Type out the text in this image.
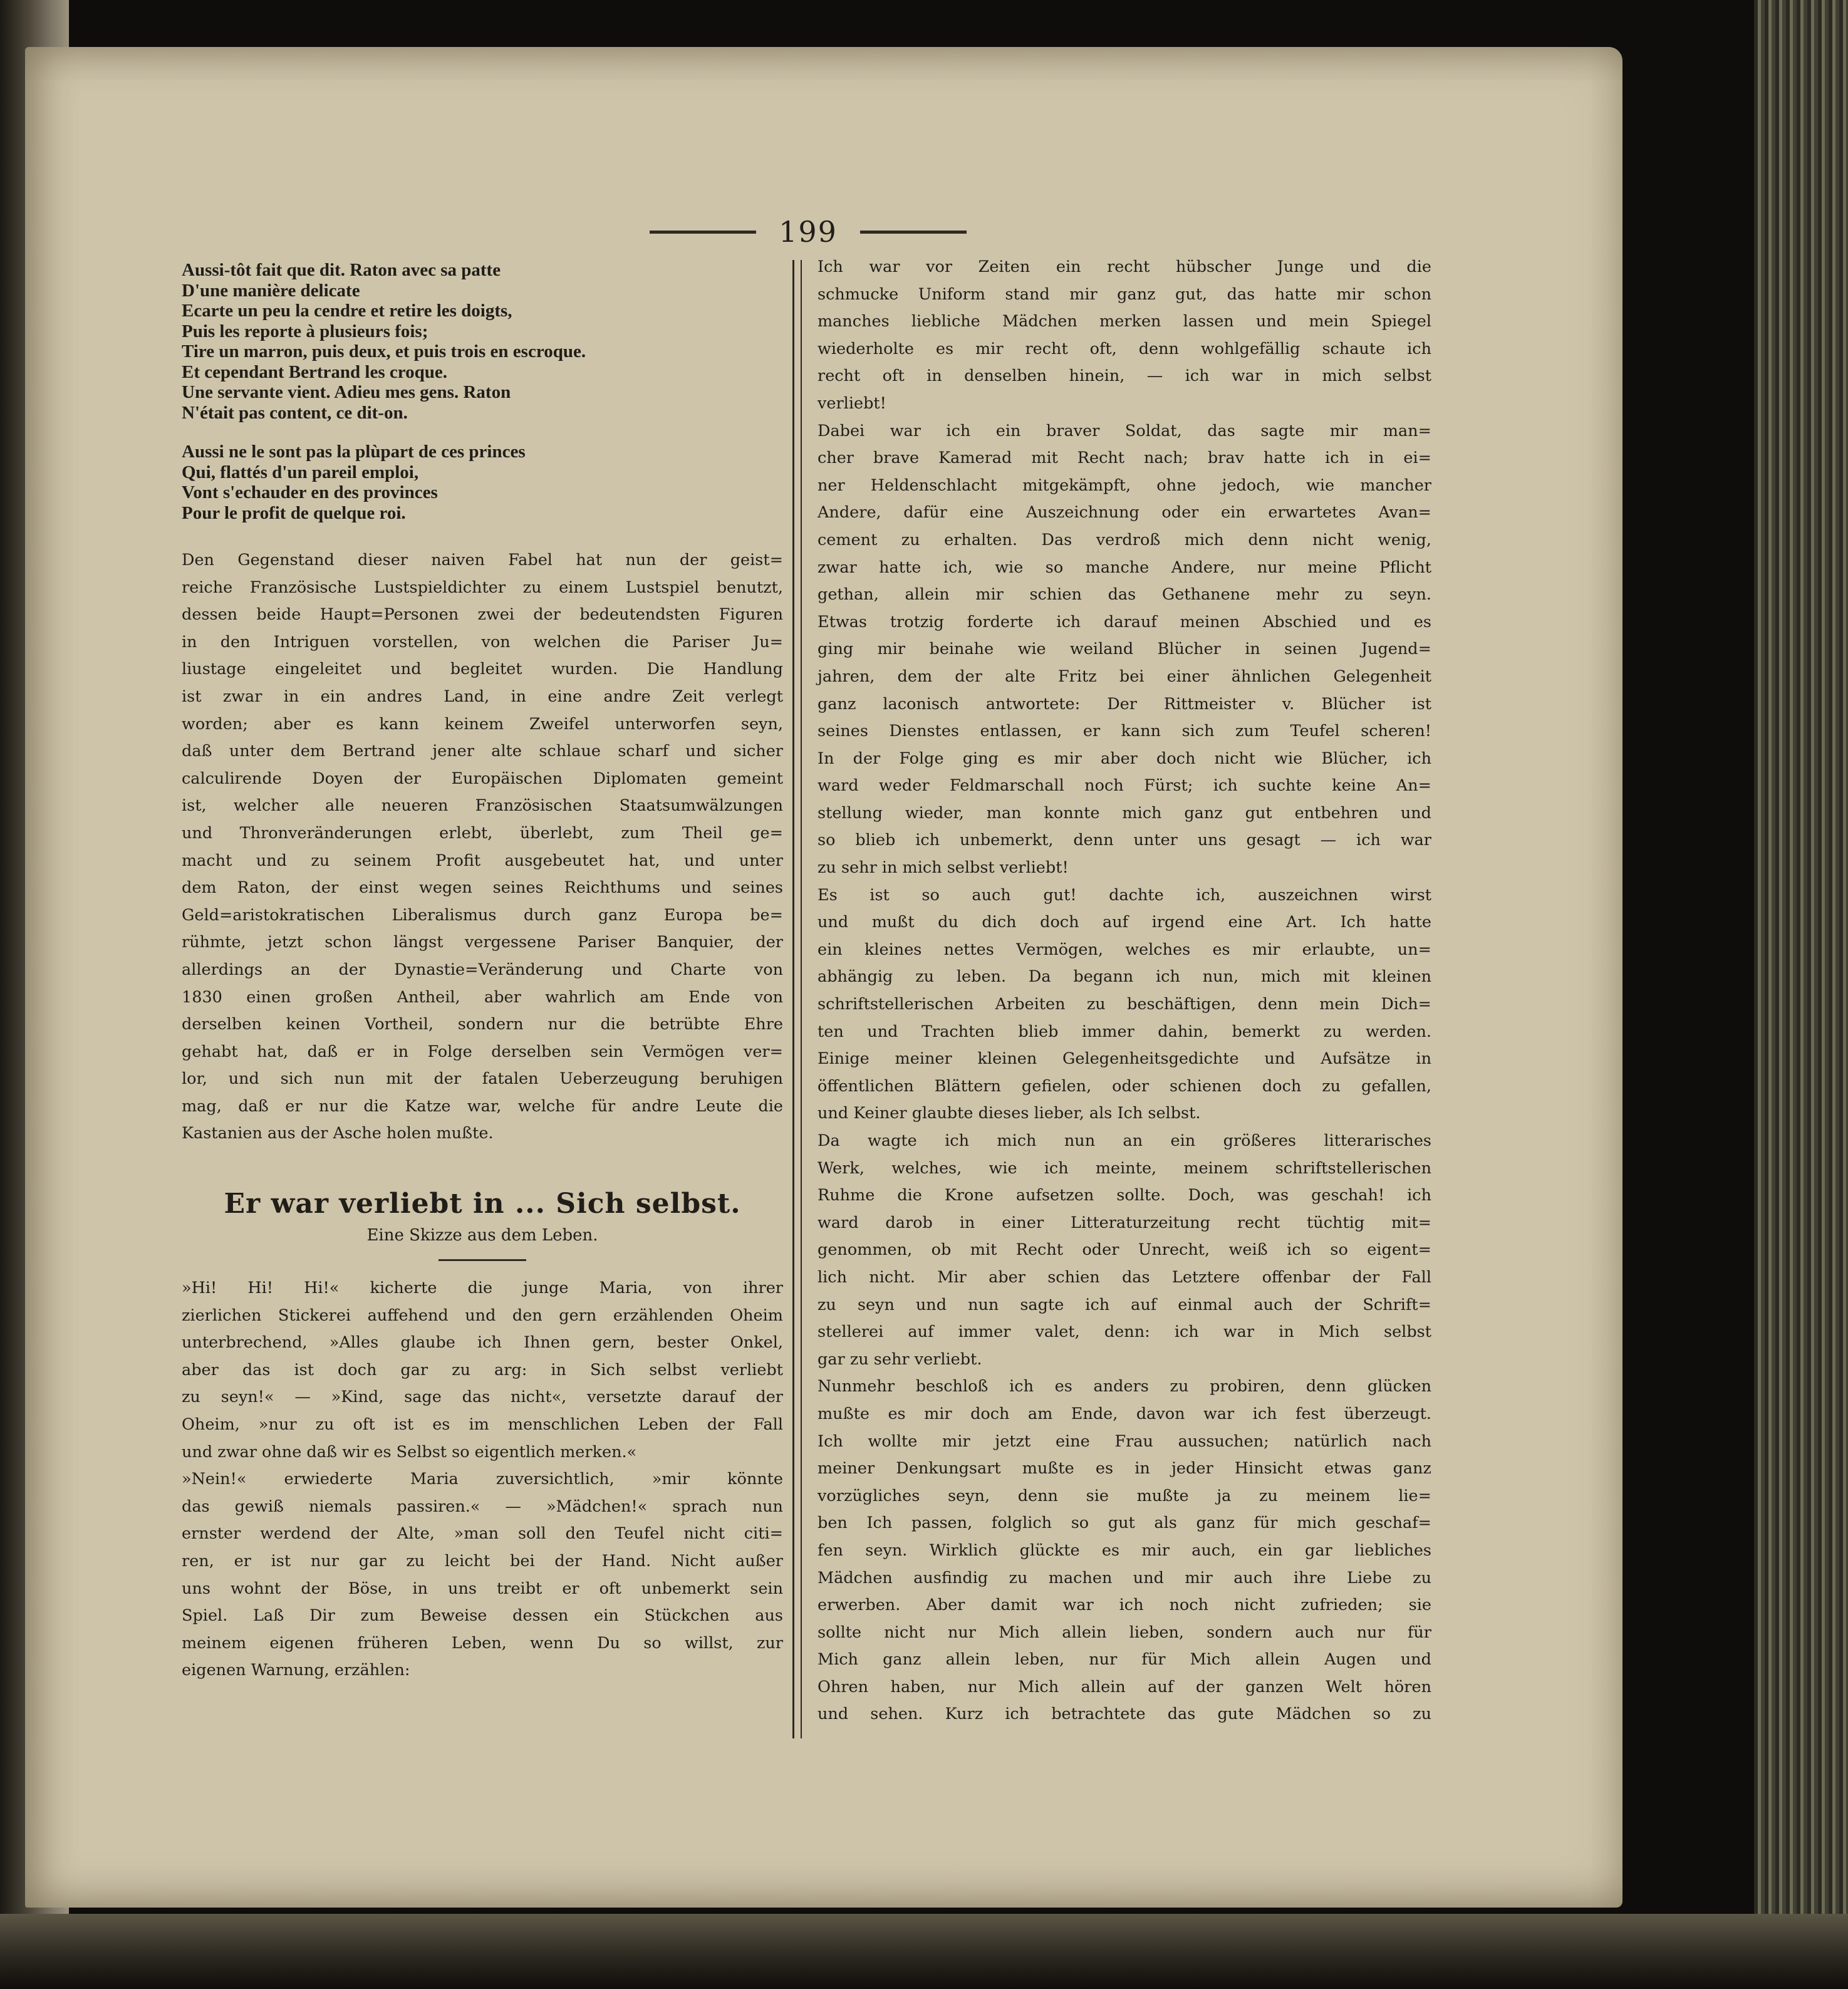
199
Aussi-tôt fait que dit. Raton avec sa patte
D'une manière delicate
Ecarte un peu la cendre et retire les doigts,
Puis les reporte à plusieurs fois;
Tire un marron, puis deux, et puis trois en escroque.
Et cependant Bertrand les croque.
Une servante vient. Adieu mes gens. Raton
N'était pas content, ce dit-on.
Aussi ne le sont pas la plùpart de ces princes
Qui, flattés d'un pareil emploi,
Vont s'echauder en des provinces
Pour le profit de quelque roi.
Den Gegenstand dieser naiven Fabel hat nun der geist=
reiche Französische Lustspieldichter zu einem Lustspiel benutzt,
dessen beide Haupt=Personen zwei der bedeutendsten Figuren
in den Intriguen vorstellen, von welchen die Pariser Ju=
liustage eingeleitet und begleitet wurden. Die Handlung
ist zwar in ein andres Land, in eine andre Zeit verlegt
worden; aber es kann keinem Zweifel unterworfen seyn,
daß unter dem Bertrand jener alte schlaue scharf und sicher
calculirende Doyen der Europäischen Diplomaten gemeint
ist, welcher alle neueren Französischen Staatsumwälzungen
und Thronveränderungen erlebt, überlebt, zum Theil ge=
macht und zu seinem Profit ausgebeutet hat, und unter
dem Raton, der einst wegen seines Reichthums und seines
Geld=aristokratischen Liberalismus durch ganz Europa be=
rühmte, jetzt schon längst vergessene Pariser Banquier, der
allerdings an der Dynastie=Veränderung und Charte von
1830 einen großen Antheil, aber wahrlich am Ende von
derselben keinen Vortheil, sondern nur die betrübte Ehre
gehabt hat, daß er in Folge derselben sein Vermögen ver=
lor, und sich nun mit der fatalen Ueberzeugung beruhigen
mag, daß er nur die Katze war, welche für andre Leute die
Kastanien aus der Asche holen mußte.

Er war verliebt in ... Sich selbst.

Eine Skizze aus dem Leben.

»Hi! Hi! Hi!« kicherte die junge Maria, von ihrer
zierlichen Stickerei auffehend und den gern erzählenden Oheim
unterbrechend, »Alles glaube ich Ihnen gern, bester Onkel,
aber das ist doch gar zu arg: in Sich selbst verliebt
zu seyn!« — »Kind, sage das nicht«, versetzte darauf der
Oheim, »nur zu oft ist es im menschlichen Leben der Fall
und zwar ohne daß wir es Selbst so eigentlich merken.«
»Nein!« erwiederte Maria zuversichtlich, »mir könnte
das gewiß niemals passiren.« — »Mädchen!« sprach nun
ernster werdend der Alte, »man soll den Teufel nicht citi=
ren, er ist nur gar zu leicht bei der Hand. Nicht außer
uns wohnt der Böse, in uns treibt er oft unbemerkt sein
Spiel. Laß Dir zum Beweise dessen ein Stückchen aus
meinem eigenen früheren Leben, wenn Du so willst, zur
eigenen Warnung, erzählen:
Ich war vor Zeiten ein recht hübscher Junge und die
schmucke Uniform stand mir ganz gut, das hatte mir schon
manches liebliche Mädchen merken lassen und mein Spiegel
wiederholte es mir recht oft, denn wohlgefällig schaute ich
recht oft in denselben hinein, — ich war in mich selbst
verliebt!
Dabei war ich ein braver Soldat, das sagte mir man=
cher brave Kamerad mit Recht nach; brav hatte ich in ei=
ner Heldenschlacht mitgekämpft, ohne jedoch, wie mancher
Andere, dafür eine Auszeichnung oder ein erwartetes Avan=
cement zu erhalten. Das verdroß mich denn nicht wenig,
zwar hatte ich, wie so manche Andere, nur meine Pflicht
gethan, allein mir schien das Gethanene mehr zu seyn.
Etwas trotzig forderte ich darauf meinen Abschied und es
ging mir beinahe wie weiland Blücher in seinen Jugend=
jahren, dem der alte Fritz bei einer ähnlichen Gelegenheit
ganz laconisch antwortete: Der Rittmeister v. Blücher ist
seines Dienstes entlassen, er kann sich zum Teufel scheren!
In der Folge ging es mir aber doch nicht wie Blücher, ich
ward weder Feldmarschall noch Fürst; ich suchte keine An=
stellung wieder, man konnte mich ganz gut entbehren und
so blieb ich unbemerkt, denn unter uns gesagt — ich war
zu sehr in mich selbst verliebt!
Es ist so auch gut! dachte ich, auszeichnen wirst
und mußt du dich doch auf irgend eine Art. Ich hatte
ein kleines nettes Vermögen, welches es mir erlaubte, un=
abhängig zu leben. Da begann ich nun, mich mit kleinen
schriftstellerischen Arbeiten zu beschäftigen, denn mein Dich=
ten und Trachten blieb immer dahin, bemerkt zu werden.
Einige meiner kleinen Gelegenheitsgedichte und Aufsätze in
öffentlichen Blättern gefielen, oder schienen doch zu gefallen,
und Keiner glaubte dieses lieber, als Ich selbst.
Da wagte ich mich nun an ein größeres litterarisches
Werk, welches, wie ich meinte, meinem schriftstellerischen
Ruhme die Krone aufsetzen sollte. Doch, was geschah! ich
ward darob in einer Litteraturzeitung recht tüchtig mit=
genommen, ob mit Recht oder Unrecht, weiß ich so eigent=
lich nicht. Mir aber schien das Letztere offenbar der Fall
zu seyn und nun sagte ich auf einmal auch der Schrift=
stellerei auf immer valet, denn: ich war in Mich selbst
gar zu sehr verliebt.
Nunmehr beschloß ich es anders zu probiren, denn glücken
mußte es mir doch am Ende, davon war ich fest überzeugt.
Ich wollte mir jetzt eine Frau aussuchen; natürlich nach
meiner Denkungsart mußte es in jeder Hinsicht etwas ganz
vorzügliches seyn, denn sie mußte ja zu meinem lie=
ben Ich passen, folglich so gut als ganz für mich geschaf=
fen seyn. Wirklich glückte es mir auch, ein gar liebliches
Mädchen ausfindig zu machen und mir auch ihre Liebe zu
erwerben. Aber damit war ich noch nicht zufrieden; sie
sollte nicht nur Mich allein lieben, sondern auch nur für
Mich ganz allein leben, nur für Mich allein Augen und
Ohren haben, nur Mich allein auf der ganzen Welt hören
und sehen. Kurz ich betrachtete das gute Mädchen so zu
